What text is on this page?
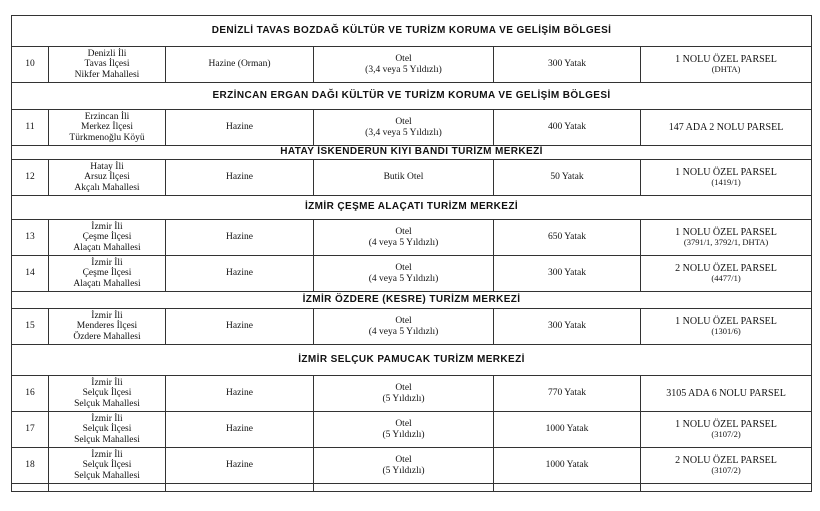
DENİZLİ TAVAS BOZDAĞ KÜLTÜR VE TURİZM KORUMA VE GELİŞİM BÖLGESİ					
10	Denizli İli
Tavas İlçesi
Nikfer Mahallesi	Hazine (Orman)	Otel
(3,4 veya 5 Yıldızlı)	300 Yatak	1 NOLU ÖZEL PARSEL
(DHTA)

ERZİNCAN ERGAN DAĞI KÜLTÜR VE TURİZM KORUMA VE GELİŞİM BÖLGESİ					
11	Erzincan İli
Merkez İlçesi
Türkmenoğlu Köyü	Hazine	Otel
(3,4 veya 5 Yıldızlı)	400 Yatak	147 ADA 2 NOLU PARSEL

HATAY İSKENDERUN KIYI BANDI TURİZM MERKEZİ					
12	Hatay İli
Arsuz İlçesi
Akçalı Mahallesi	Hazine	Butik Otel	50 Yatak	1 NOLU ÖZEL PARSEL
(1419/1)

İZMİR ÇEŞME ALAÇATI TURİZM MERKEZİ					
13	İzmir İli
Çeşme İlçesi
Alaçatı Mahallesi	Hazine	Otel
(4 veya 5 Yıldızlı)	650 Yatak	1 NOLU ÖZEL PARSEL
(3791/1, 3792/1, DHTA)

14	İzmir İli
Çeşme İlçesi
Alaçatı Mahallesi	Hazine	Otel
(4 veya 5 Yıldızlı)	300 Yatak	2 NOLU ÖZEL PARSEL
(4477/1)

İZMİR ÖZDERE (KESRE) TURİZM MERKEZİ					
15	İzmir İli
Menderes İlçesi
Özdere Mahallesi	Hazine	Otel
(4 veya 5 Yıldızlı)	300 Yatak	1 NOLU ÖZEL PARSEL
(1301/6)

İZMİR SELÇUK PAMUCAK TURİZM MERKEZİ					
16	İzmir İli
Selçuk İlçesi
Selçuk Mahallesi	Hazine	Otel
(5 Yıldızlı)	770 Yatak	3105 ADA 6 NOLU PARSEL

17	İzmir İli
Selçuk İlçesi
Selçuk Mahallesi	Hazine	Otel
(5 Yıldızlı)	1000 Yatak	1 NOLU ÖZEL PARSEL
(3107/2)

18	İzmir İli
Selçuk İlçesi
Selçuk Mahallesi	Hazine	Otel
(5 Yıldızlı)	1000 Yatak	2 NOLU ÖZEL PARSEL
(3107/2)
